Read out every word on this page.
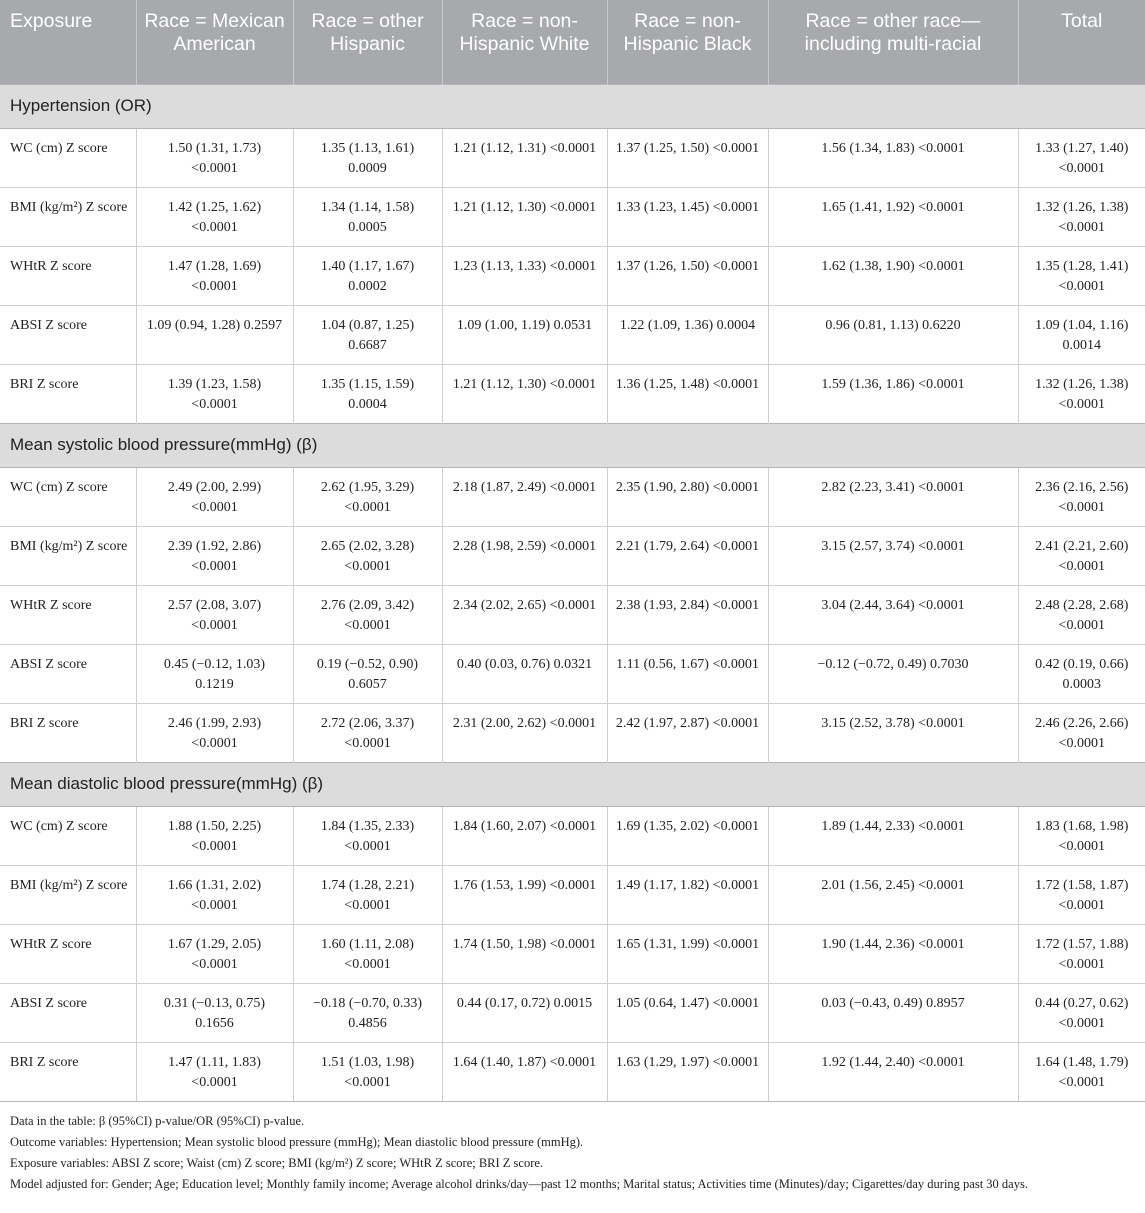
Exposure	Race = Mexican American	Race = other Hispanic	Race = non-Hispanic White	Race = non-Hispanic Black	Race = other race—including multi-racial	Total
Hypertension (OR)						
WC (cm) Z score	1.50 (1.31, 1.73) <0.0001	1.35 (1.13, 1.61) 0.0009	1.21 (1.12, 1.31) <0.0001	1.37 (1.25, 1.50) <0.0001	1.56 (1.34, 1.83) <0.0001	1.33 (1.27, 1.40) <0.0001
BMI (kg/m²) Z score	1.42 (1.25, 1.62) <0.0001	1.34 (1.14, 1.58) 0.0005	1.21 (1.12, 1.30) <0.0001	1.33 (1.23, 1.45) <0.0001	1.65 (1.41, 1.92) <0.0001	1.32 (1.26, 1.38) <0.0001
WHtR Z score	1.47 (1.28, 1.69) <0.0001	1.40 (1.17, 1.67) 0.0002	1.23 (1.13, 1.33) <0.0001	1.37 (1.26, 1.50) <0.0001	1.62 (1.38, 1.90) <0.0001	1.35 (1.28, 1.41) <0.0001
ABSI Z score	1.09 (0.94, 1.28) 0.2597	1.04 (0.87, 1.25) 0.6687	1.09 (1.00, 1.19) 0.0531	1.22 (1.09, 1.36) 0.0004	0.96 (0.81, 1.13) 0.6220	1.09 (1.04, 1.16) 0.0014
BRI Z score	1.39 (1.23, 1.58) <0.0001	1.35 (1.15, 1.59) 0.0004	1.21 (1.12, 1.30) <0.0001	1.36 (1.25, 1.48) <0.0001	1.59 (1.36, 1.86) <0.0001	1.32 (1.26, 1.38) <0.0001
Mean systolic blood pressure(mmHg) (β)						
WC (cm) Z score	2.49 (2.00, 2.99) <0.0001	2.62 (1.95, 3.29) <0.0001	2.18 (1.87, 2.49) <0.0001	2.35 (1.90, 2.80) <0.0001	2.82 (2.23, 3.41) <0.0001	2.36 (2.16, 2.56) <0.0001
BMI (kg/m²) Z score	2.39 (1.92, 2.86) <0.0001	2.65 (2.02, 3.28) <0.0001	2.28 (1.98, 2.59) <0.0001	2.21 (1.79, 2.64) <0.0001	3.15 (2.57, 3.74) <0.0001	2.41 (2.21, 2.60) <0.0001
WHtR Z score	2.57 (2.08, 3.07) <0.0001	2.76 (2.09, 3.42) <0.0001	2.34 (2.02, 2.65) <0.0001	2.38 (1.93, 2.84) <0.0001	3.04 (2.44, 3.64) <0.0001	2.48 (2.28, 2.68) <0.0001
ABSI Z score	0.45 (−0.12, 1.03) 0.1219	0.19 (−0.52, 0.90) 0.6057	0.40 (0.03, 0.76) 0.0321	1.11 (0.56, 1.67) <0.0001	−0.12 (−0.72, 0.49) 0.7030	0.42 (0.19, 0.66) 0.0003
BRI Z score	2.46 (1.99, 2.93) <0.0001	2.72 (2.06, 3.37) <0.0001	2.31 (2.00, 2.62) <0.0001	2.42 (1.97, 2.87) <0.0001	3.15 (2.52, 3.78) <0.0001	2.46 (2.26, 2.66) <0.0001
Mean diastolic blood pressure(mmHg) (β)						
WC (cm) Z score	1.88 (1.50, 2.25) <0.0001	1.84 (1.35, 2.33) <0.0001	1.84 (1.60, 2.07) <0.0001	1.69 (1.35, 2.02) <0.0001	1.89 (1.44, 2.33) <0.0001	1.83 (1.68, 1.98) <0.0001
BMI (kg/m²) Z score	1.66 (1.31, 2.02) <0.0001	1.74 (1.28, 2.21) <0.0001	1.76 (1.53, 1.99) <0.0001	1.49 (1.17, 1.82) <0.0001	2.01 (1.56, 2.45) <0.0001	1.72 (1.58, 1.87) <0.0001
WHtR Z score	1.67 (1.29, 2.05) <0.0001	1.60 (1.11, 2.08) <0.0001	1.74 (1.50, 1.98) <0.0001	1.65 (1.31, 1.99) <0.0001	1.90 (1.44, 2.36) <0.0001	1.72 (1.57, 1.88) <0.0001
ABSI Z score	0.31 (−0.13, 0.75) 0.1656	−0.18 (−0.70, 0.33) 0.4856	0.44 (0.17, 0.72) 0.0015	1.05 (0.64, 1.47) <0.0001	0.03 (−0.43, 0.49) 0.8957	0.44 (0.27, 0.62) <0.0001
BRI Z score	1.47 (1.11, 1.83) <0.0001	1.51 (1.03, 1.98) <0.0001	1.64 (1.40, 1.87) <0.0001	1.63 (1.29, 1.97) <0.0001	1.92 (1.44, 2.40) <0.0001	1.64 (1.48, 1.79) <0.0001
Data in the table: β (95%CI) p-value/OR (95%CI) p-value.
Outcome variables: Hypertension; Mean systolic blood pressure (mmHg); Mean diastolic blood pressure (mmHg).
Exposure variables: ABSI Z score; Waist (cm) Z score; BMI (kg/m²) Z score; WHtR Z score; BRI Z score.
Model adjusted for: Gender; Age; Education level; Monthly family income; Average alcohol drinks/day—past 12 months; Marital status; Activities time (Minutes)/day; Cigarettes/day during past 30 days.
